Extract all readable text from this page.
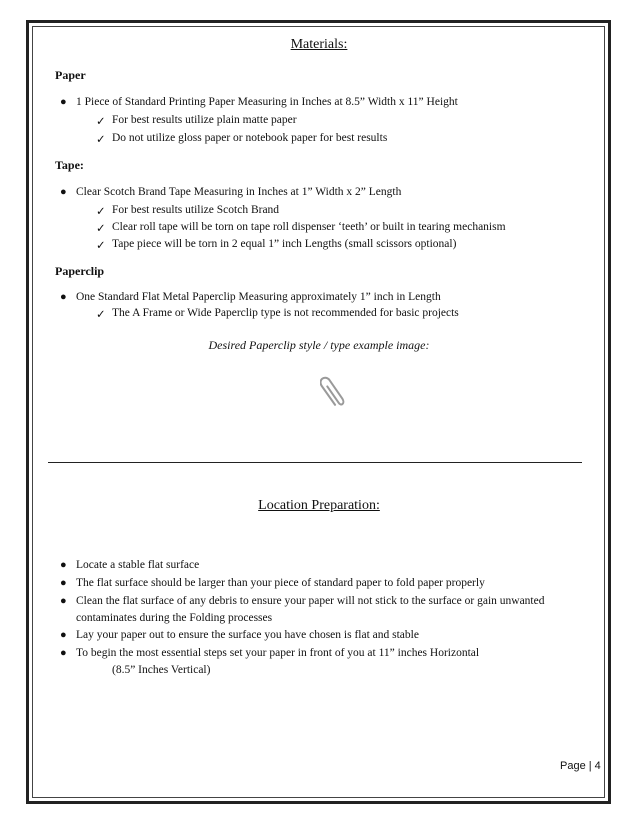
Materials:
Paper
● 1 Piece of Standard Printing Paper Measuring in Inches at 8.5” Width x 11” Height
✓ For best results utilize plain matte paper
✓ Do not utilize gloss paper or notebook paper for best results
Tape:
● Clear Scotch Brand Tape Measuring in Inches at 1” Width x 2” Length
✓ For best results utilize Scotch Brand
✓ Clear roll tape will be torn on tape roll dispenser ‘teeth’ or built in tearing mechanism
✓ Tape piece will be torn in 2 equal 1” inch Lengths (small scissors optional)
Paperclip
● One Standard Flat Metal Paperclip Measuring approximately 1” inch in Length
✓ The A Frame or Wide Paperclip type is not recommended for basic projects
Desired Paperclip style / type example image:
Location Preparation:
● Locate a stable flat surface
● The flat surface should be larger than your piece of standard paper to fold paper properly
● Clean the flat surface of any debris to ensure your paper will not stick to the surface or gain unwanted
contaminates during the Folding processes
● Lay your paper out to ensure the surface you have chosen is flat and stable
● To begin the most essential steps set your paper in front of you at 11” inches Horizontal
(8.5” Inches Vertical)
Page | 4
